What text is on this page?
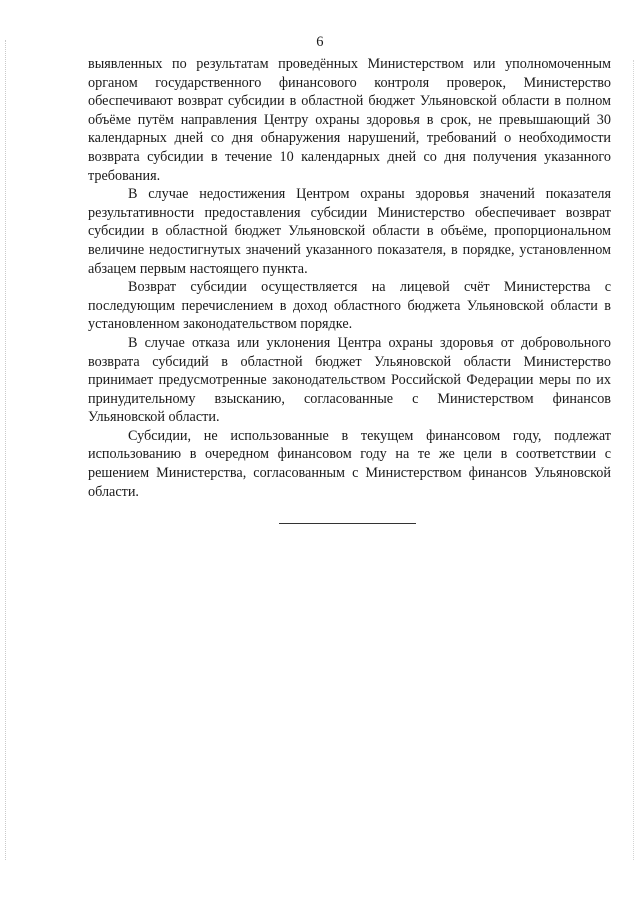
6

выявленных по результатам проведённых Министерством или уполномоченным органом государственного финансового контроля проверок, Министерство обеспечивают возврат субсидии в областной бюджет Ульяновской области в полном объёме путём направления Центру охраны здоровья в срок, не превышающий 30 календарных дней со дня обнаружения нарушений, требований о необходимости возврата субсидии в течение 10 календарных дней со дня получения указанного требования.

В случае недостижения Центром охраны здоровья значений показателя результативности предоставления субсидии Министерство обеспечивает возврат субсидии в областной бюджет Ульяновской области в объёме, пропорциональном величине недостигнутых значений указанного показателя, в порядке, установленном абзацем первым настоящего пункта.

Возврат субсидии осуществляется на лицевой счёт Министерства с последующим перечислением в доход областного бюджета Ульяновской области в установленном законодательством порядке.

В случае отказа или уклонения Центра охраны здоровья от добровольного возврата субсидий в областной бюджет Ульяновской области Министерство принимает предусмотренные законодательством Российской Федерации меры по их принудительному взысканию, согласованные с Министерством финансов Ульяновской области.

Субсидии, не использованные в текущем финансовом году, подлежат использованию в очередном финансовом году на те же цели в соответствии с решением Министерства, согласованным с Министерством финансов Ульяновской области.
